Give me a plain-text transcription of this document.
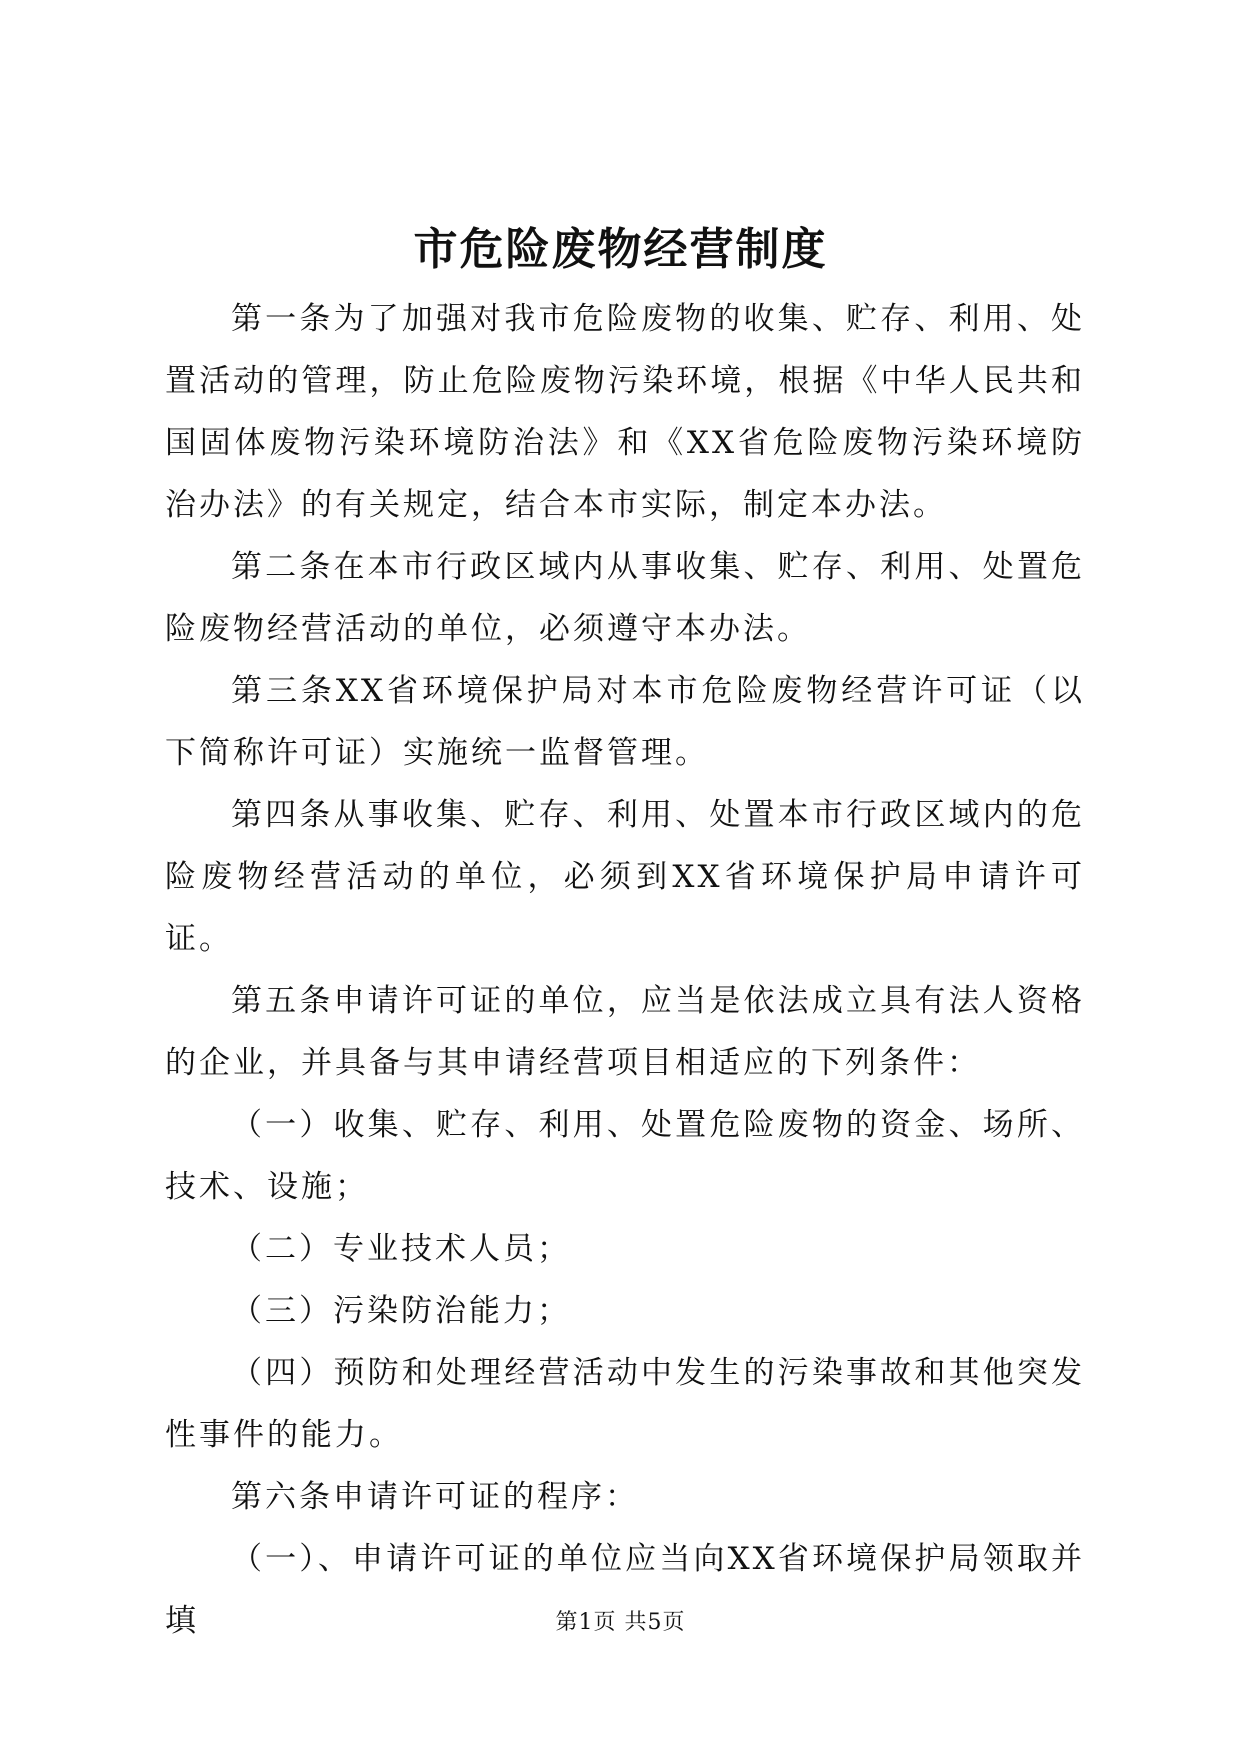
市危险废物经营制度

第一条为了加强对我市危险废物的收集、贮存、利用、处置活动的管理，防止危险废物污染环境，根据《中华人民共和国固体废物污染环境防治法》和《XX省危险废物污染环境防治办法》的有关规定，结合本市实际，制定本办法。

第二条在本市行政区域内从事收集、贮存、利用、处置危险废物经营活动的单位，必须遵守本办法。

第三条XX省环境保护局对本市危险废物经营许可证（以下简称许可证）实施统一监督管理。

第四条从事收集、贮存、利用、处置本市行政区域内的危险废物经营活动的单位，必须到XX省环境保护局申请许可证。

第五条申请许可证的单位，应当是依法成立具有法人资格的企业，并具备与其申请经营项目相适应的下列条件：

（一）收集、贮存、利用、处置危险废物的资金、场所、技术、设施；

（二）专业技术人员；

（三）污染防治能力；

（四）预防和处理经营活动中发生的污染事故和其他突发性事件的能力。

第六条申请许可证的程序：

（一）、申请许可证的单位应当向XX省环境保护局领取并填	第1页 共5页
